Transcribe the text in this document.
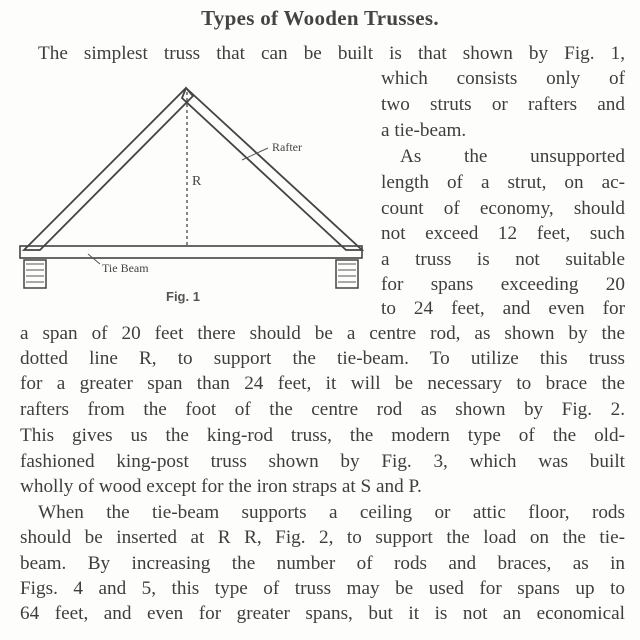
Types of Wooden Trusses.
The simplest truss that can be built is that shown by Fig. 1,
which consists only of
two struts or rafters and
a tie-beam.
As the unsupported
length of a strut, on ac-
count of economy, should
not exceed 12 feet, such
a truss is not suitable
for spans exceeding 20
to 24 feet, and even for
Rafter
R
Tie Beam
Fig. 1
a span of 20 feet there should be a centre rod, as shown by the
dotted line R, to support the tie-beam. To utilize this truss
for a greater span than 24 feet, it will be necessary to brace the
rafters from the foot of the centre rod as shown by Fig. 2.
This gives us the king-rod truss, the modern type of the old-
fashioned king-post truss shown by Fig. 3, which was built
wholly of wood except for the iron straps at S and P.
When the tie-beam supports a ceiling or attic floor, rods
should be inserted at R R, Fig. 2, to support the load on the tie-
beam. By increasing the number of rods and braces, as in
Figs. 4 and 5, this type of truss may be used for spans up to
64 feet, and even for greater spans, but it is not an economical
